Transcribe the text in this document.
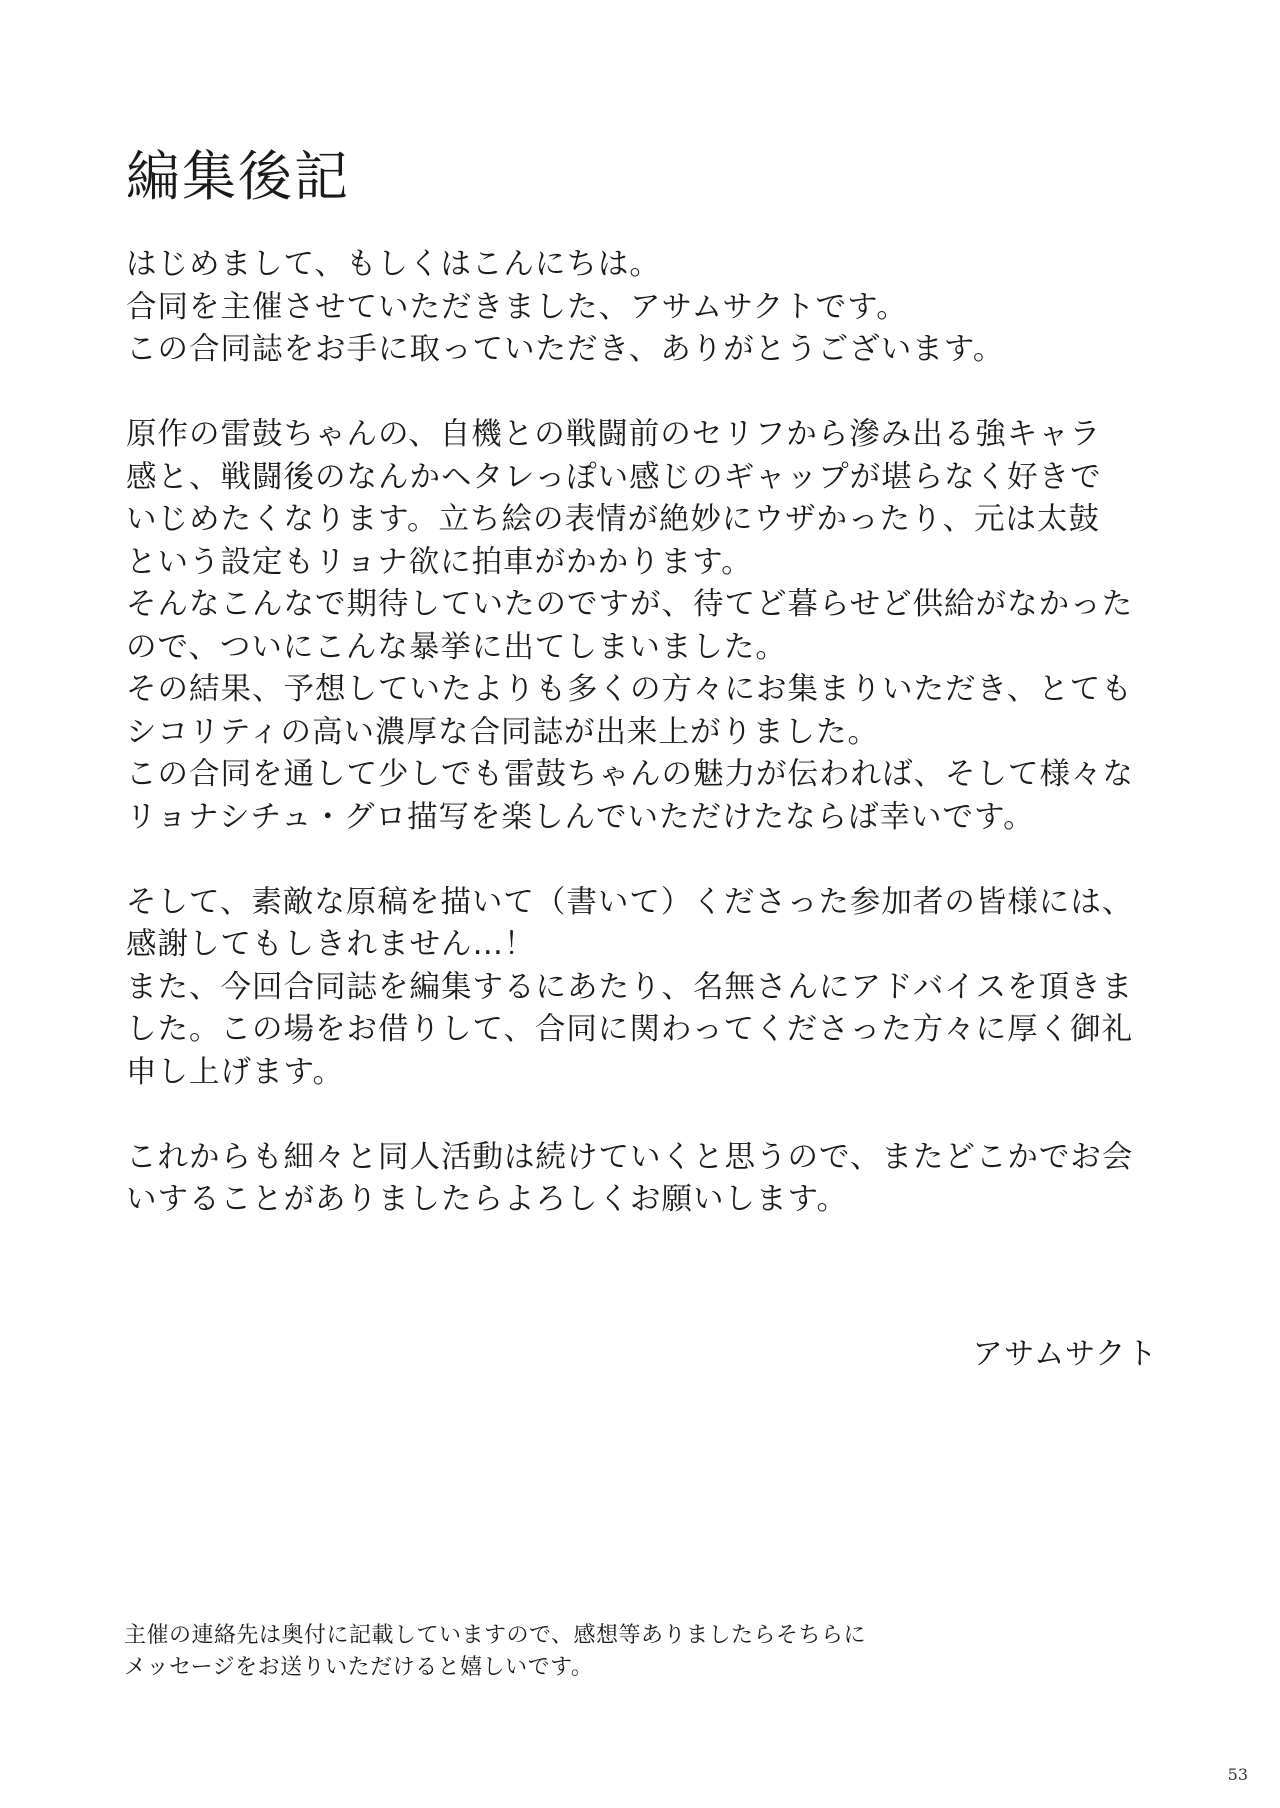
編集後記
はじめまして、もしくはこんにちは。
合同を主催させていただきました、アサムサクトです。
この合同誌をお手に取っていただき、ありがとうございます。
原作の雷鼓ちゃんの、自機との戦闘前のセリフから滲み出る強キャラ
感と、戦闘後のなんかヘタレっぽい感じのギャップが堪らなく好きで
いじめたくなります。立ち絵の表情が絶妙にウザかったり、元は太鼓
という設定もリョナ欲に拍車がかかります。
そんなこんなで期待していたのですが、待てど暮らせど供給がなかった
ので、ついにこんな暴挙に出てしまいました。
その結果、予想していたよりも多くの方々にお集まりいただき、とても
シコリティの高い濃厚な合同誌が出来上がりました。
この合同を通して少しでも雷鼓ちゃんの魅力が伝われば、そして様々な
リョナシチュ・グロ描写を楽しんでいただけたならば幸いです。
そして、素敵な原稿を描いて（書いて）くださった参加者の皆様には、
感謝してもしきれません…！
また、今回合同誌を編集するにあたり、名無さんにアドバイスを頂きま
した。この場をお借りして、合同に関わってくださった方々に厚く御礼
申し上げます。
これからも細々と同人活動は続けていくと思うので、またどこかでお会
いすることがありましたらよろしくお願いします。
アサムサクト
主催の連絡先は奥付に記載していますので、感想等ありましたらそちらに
メッセージをお送りいただけると嬉しいです。
53
